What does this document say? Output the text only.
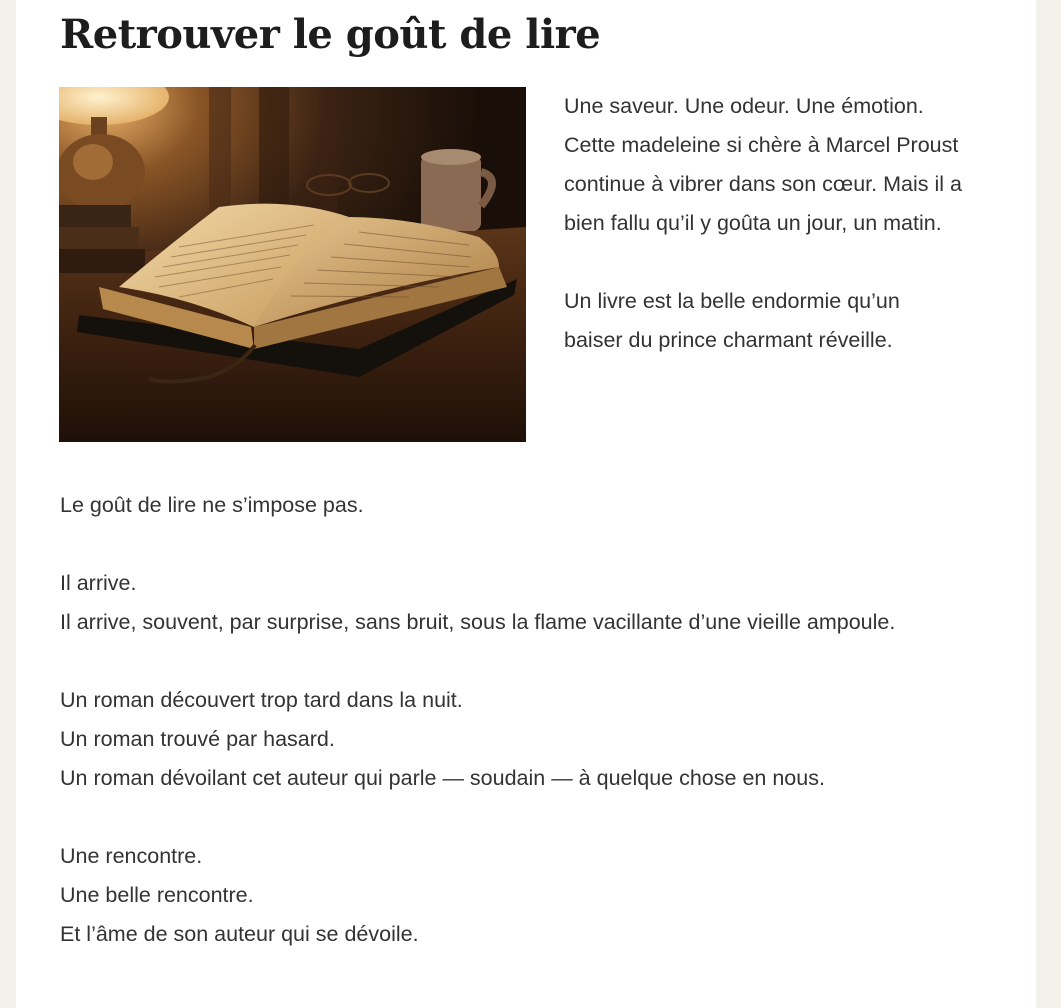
Retrouver le goût de lire

Une saveur. Une odeur. Une émotion. Cette madeleine si chère à Marcel Proust continue à vibrer dans son cœur. Mais il a bien fallu qu’il y goûta un jour, un matin.

Un livre est la belle endormie qu’un baiser du prince charmant réveille.

Le goût de lire ne s’impose pas.

Il arrive.
Il arrive, souvent, par surprise, sans bruit, sous la flame vacillante d’une vieille ampoule.

Un roman découvert trop tard dans la nuit.
Un roman trouvé par hasard.
Un roman dévoilant cet auteur qui parle — soudain — à quelque chose en nous.

Une rencontre.
Une belle rencontre.
Et l’âme de son auteur qui se dévoile.
